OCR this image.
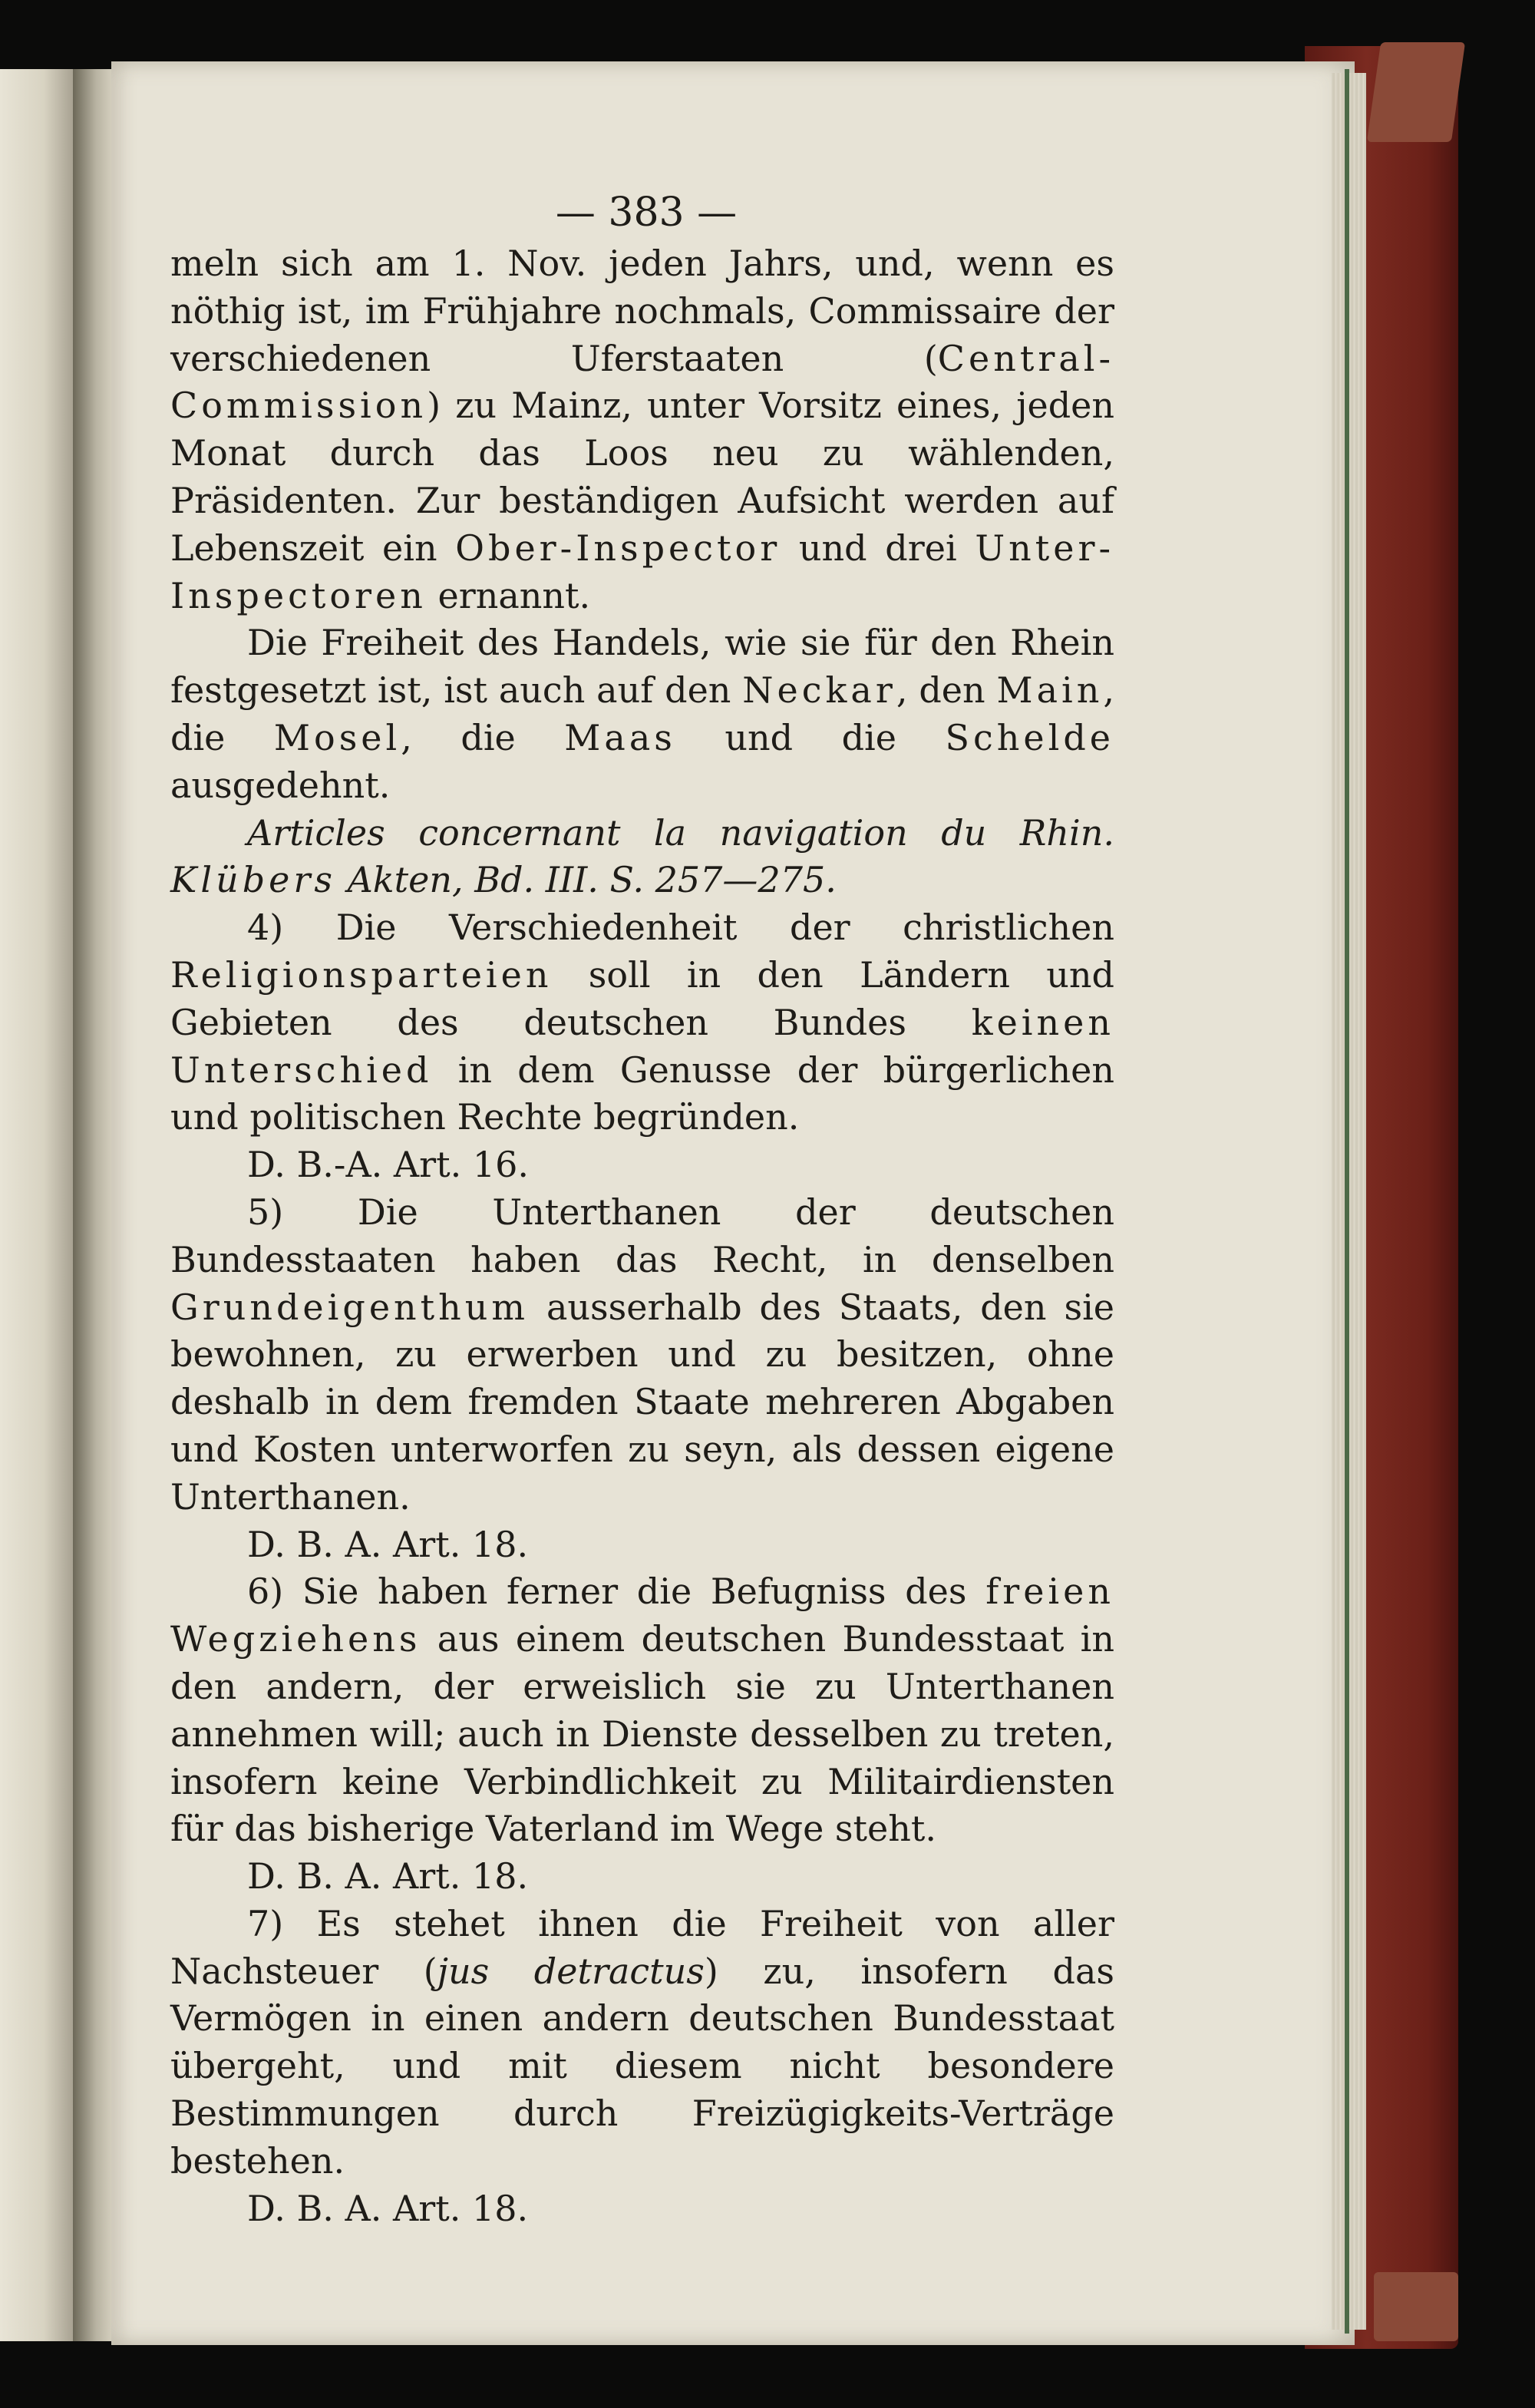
— 383 —

meln sich am 1. Nov. jeden Jahrs, und, wenn es nöthig ist, im Frühjahre nochmals, Commissaire der verschiedenen Uferstaaten (Central-Commission) zu Mainz, unter Vorsitz eines, jeden Monat durch das Loos neu zu wählenden, Präsidenten. Zur beständigen Aufsicht werden auf Lebenszeit ein Ober-Inspector und drei Unter-Inspectoren ernannt.

Die Freiheit des Handels, wie sie für den Rhein festgesetzt ist, ist auch auf den Neckar, den Main, die Mosel, die Maas und die Schelde ausgedehnt.

Articles concernant la navigation du Rhin. Klübers Akten, Bd. III. S. 257—275.

4) Die Verschiedenheit der christlichen Religionsparteien soll in den Ländern und Gebieten des deutschen Bundes keinen Unterschied in dem Genusse der bürgerlichen und politischen Rechte begründen.

D. B.-A. Art. 16.

5) Die Unterthanen der deutschen Bundesstaaten haben das Recht, in denselben Grundeigenthum ausserhalb des Staats, den sie bewohnen, zu erwerben und zu besitzen, ohne deshalb in dem fremden Staate mehreren Abgaben und Kosten unterworfen zu seyn, als dessen eigene Unterthanen.

D. B. A. Art. 18.

6) Sie haben ferner die Befugniss des freien Wegziehens aus einem deutschen Bundesstaat in den andern, der erweislich sie zu Unterthanen annehmen will; auch in Dienste desselben zu treten, insofern keine Verbindlichkeit zu Militairdiensten für das bisherige Vaterland im Wege steht.

D. B. A. Art. 18.

7) Es stehet ihnen die Freiheit von aller Nachsteuer (jus detractus) zu, insofern das Vermögen in einen andern deutschen Bundesstaat übergeht, und mit diesem nicht besondere Bestimmungen durch Freizügigkeits-Verträge bestehen.

D. B. A. Art. 18.
